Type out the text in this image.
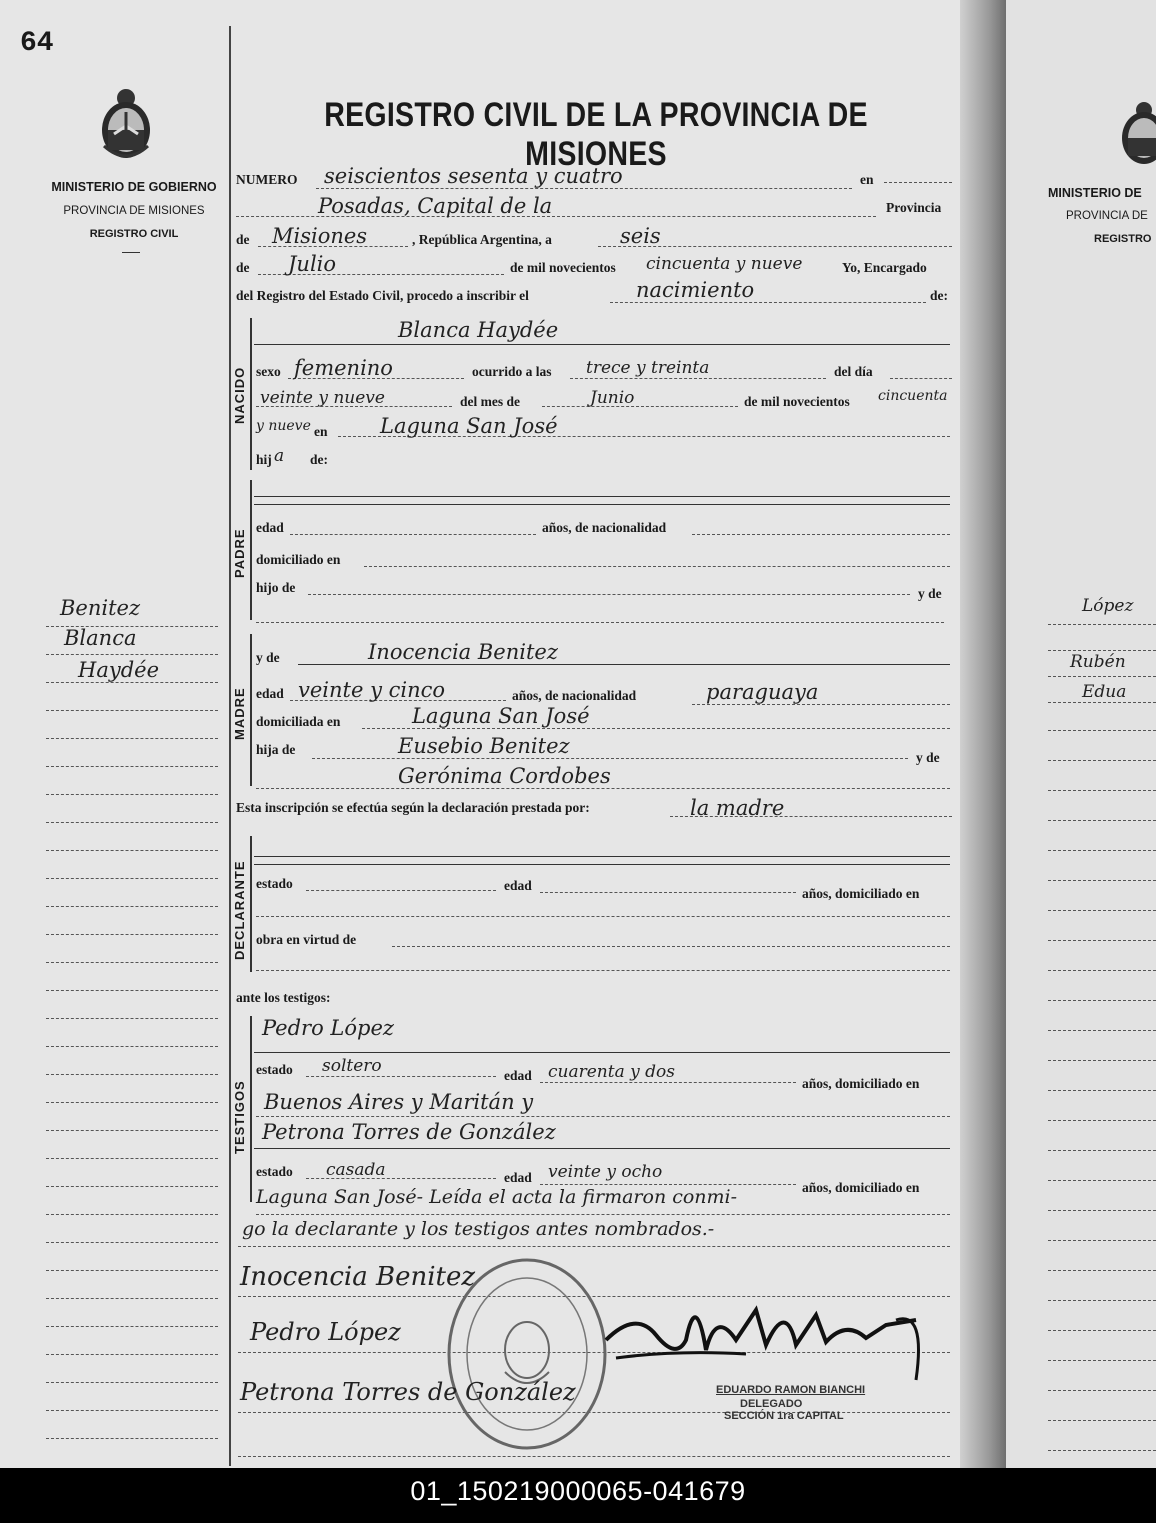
64
MINISTERIO DE GOBIERNO
PROVINCIA DE MISIONES
REGISTRO CIVIL
MINISTERIO DE
PROVINCIA DE
REGISTRO
REGISTRO CIVIL DE LA PROVINCIA DE MISIONES
NUMERO seiscientos sesenta y cuatro	en
Posadas, Capital de la	Provincia
de Misiones	, República Argentina, a	seis
de Julio	de mil novecientos cincuenta y nueve	Yo, Encargado
del Registro del Estado Civil, procedo a inscribir el	nacimiento	de:
NACIDO
Blanca Haydée
sexo femenino	ocurrido a las trece y treinta	del día
veinte y nueve	del mes de	Junio	de mil novecientos cincuenta
y nueve en	Laguna San José
hij a de:
PADRE
edad	años, de nacionalidad
domiciliado en
hijo de	y de
MADRE
y de	Inocencia Benitez
edad veinte y cinco	años, de nacionalidad	paraguaya
domiciliada en	Laguna San José
hija de	Eusebio Benitez	y de
Gerónima Cordobes
Esta inscripción se efectúa según la declaración prestada por:	la madre
DECLARANTE estado	edad
años, domiciliado en
obra en virtud de
ante los testigos:
TESTIGOS
Pedro López
estado soltero	edad cuarenta y dos
años, domiciliado en
Buenos Aires y Maritán y
Petrona Torres de González
estado casada	edad veinte y ocho
años, domiciliado en
Laguna San José- Leída el acta la firmaron conmi-
go la declarante y los testigos antes nombrados.-
Inocencia Benitez
Pedro López
Petrona Torres de González	EDUARDO RAMON BIANCHI
DELEGADO
SECCIÓN 1ra CAPITAL
Benitez
Blanca
Haydée
López
Rubén
Edua
01_150219000065-041679
